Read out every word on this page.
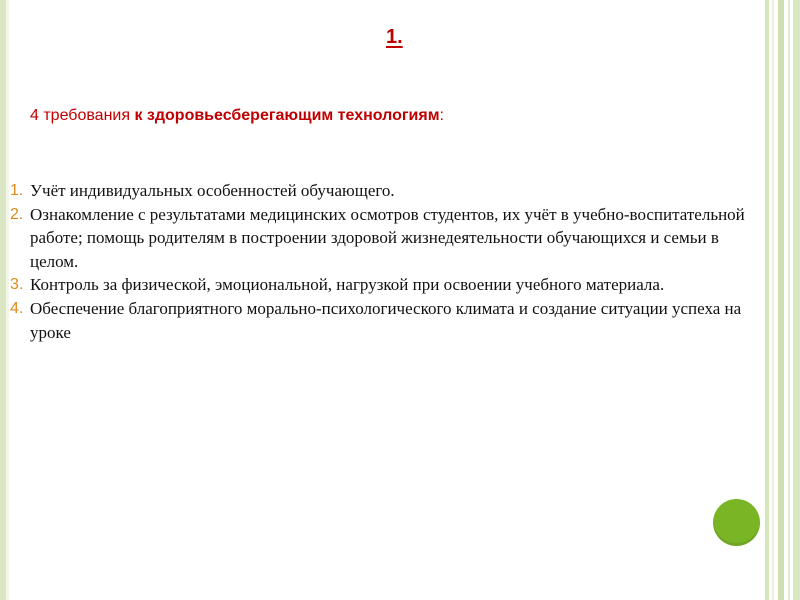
1.
4 требования к здоровьесберегающим технологиям:
1. Учёт индивидуальных особенностей обучающего.
2. Ознакомление с результатами медицинских осмотров студентов, их учёт в учебно-воспитательной работе; помощь родителям в построении здоровой жизнедеятельности обучающихся и семьи в целом.
3. Контроль за физической, эмоциональной, нагрузкой при освоении учебного материала.
4. Обеспечение благоприятного морально-психологического климата и создание ситуации успеха на уроке
